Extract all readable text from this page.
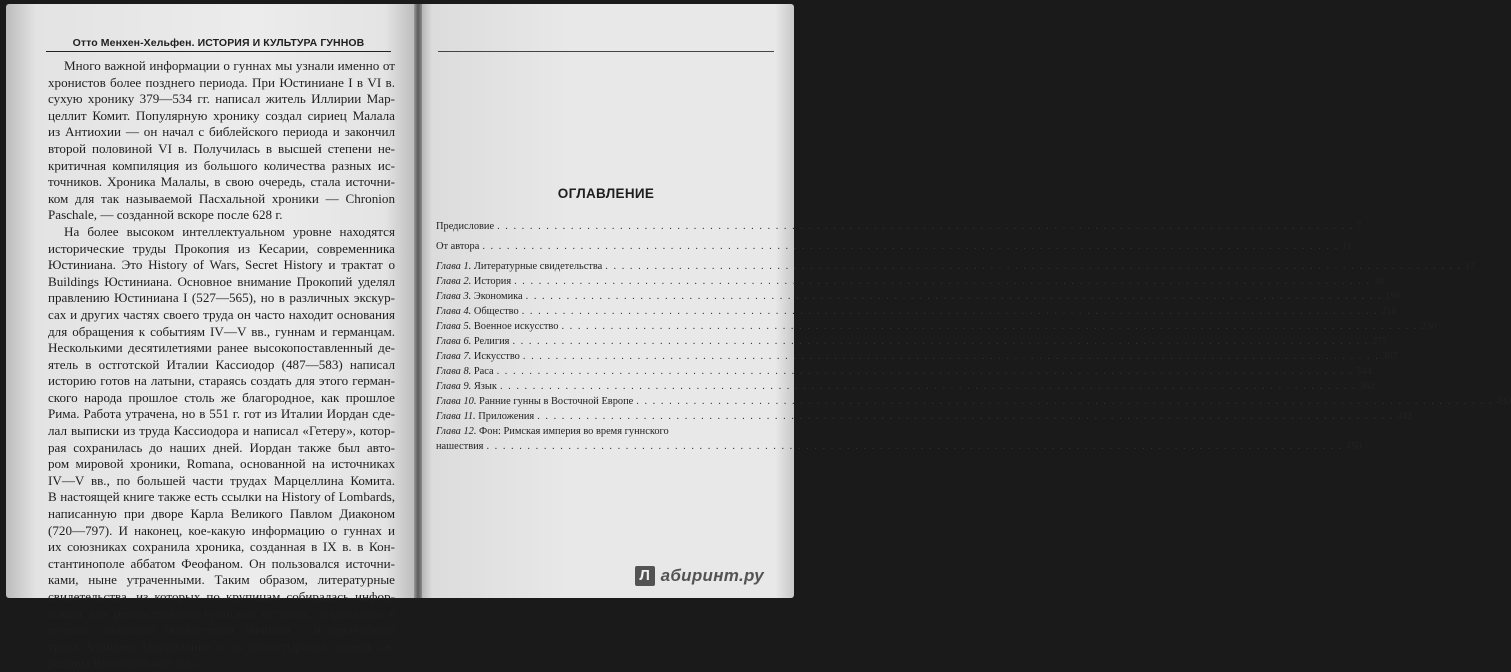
Отто Менхен-Хельфен. ИСТОРИЯ И КУЛЬТУРА ГУННОВ
Много важной информации о гуннах мы узнали именно от
хронистов более позднего периода. При Юстиниане I в VI в.
сухую хронику 379—534 гг. написал житель Иллирии Мар-
целлит Комит. Популярную хронику создал сириец Малала
из Антиохии — он начал с библейского периода и закончил
второй половиной VI в. Получилась в высшей степени не-
критичная компиляция из большого количества разных ис-
точников. Хроника Малалы, в свою очередь, стала источни-
ком для так называемой Пасхальной хроники — Chronion
Paschale, — созданной вскоре после 628 г.
На более высоком интеллектуальном уровне находятся
исторические труды Прокопия из Кесарии, современника
Юстиниана. Это History of Wars, Secret History и трактат о
Buildings Юстиниана. Основное внимание Прокопий уделял
правлению Юстиниана I (527—565), но в различных экскур-
сах и других частях своего труда он часто находит основания
для обращения к событиям IV—V вв., гуннам и германцам.
Несколькими десятилетиями ранее высокопоставленный де-
ятель в остготской Италии Кассиодор (487—583) написал
историю готов на латыни, стараясь создать для этого герман-
ского народа прошлое столь же благородное, как прошлое
Рима. Работа утрачена, но в 551 г. гот из Италии Иордан сде-
лал выписки из труда Кассиодора и написал «Гетеру», котор-
рая сохранилась до наших дней. Иордан также был авто-
ром мировой хроники, Romana, основанной на источниках
IV—V вв., по большей части трудах Марцеллина Комита.
В настоящей книге также есть ссылки на History of Lombards,
написанную при дворе Карла Великого Павлом Диаконом
(720—797). И наконец, кое-какую информацию о гуннах и
их союзниках сохранила хроника, созданная в IX в. в Кон-
стантинополе аббатом Феофаном. Он пользовался источни-
ками, ныне утраченными. Таким образом, литературные
свидетельства, из которых по крупицам собиралась инфор-
мация для реконструкции гуннской истории, создавалась в
течение половины тысячелетия, начиная с исторического
труда Аммиана Марцеллина и до монастырских хроник се-
редины Византийской эры.
ОГЛАВЛЕНИЕ
Предисловие . . .	7
От автора . . .	11
Глава 1. Литературные свидетельства . . .	17
Глава 2. История . . .	36
Глава 3. Экономика . . .	196
Глава 4. Общество . . .	218
Глава 5. Военное искусство . . .	230
Глава 6. Религия . . .	275
Глава 7. Искусство . . .	307
Глава 8. Раса . . .	344
Глава 9. Язык . . .	362
Глава 10. Ранние гунны в Восточной Европе . . .	430
Глава 11. Приложения . . .	442
Глава 12. Фон: Римская империя во время гуннского
нашествия . . .	450
Л абиринт.ру
